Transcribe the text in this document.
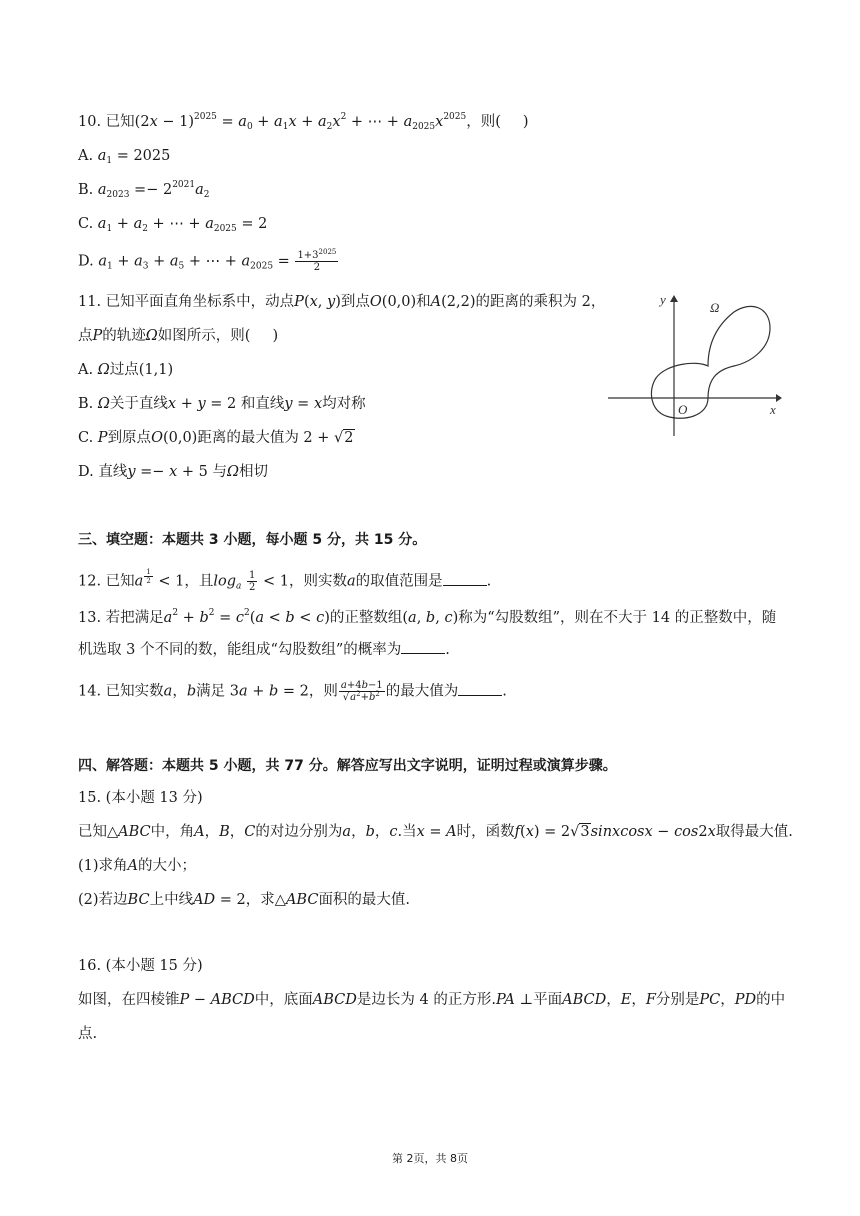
10. 已知$(2x - 1)^{2025} = a_0 + a_1x + a_2x^2$ + ⋯ + $a_{2025}x^{2025}$，则( )
A. $a_1 = 2025$
B. $a_{2023} =- 2^{2021}a_2$
C. $a_1 + a_2$ + ⋯ + $a_{2025} = 2$
D. $a_1 + a_3 + a_5$ + ⋯ + $a_{2025} = \frac{1+3^{2025}}{2}$
11. 已知平面直角坐标系中，动点P(x, y)到点O(0,0)和A(2,2)的距离的乘积为 2，
点P的轨迹Ω如图所示，则( )
A. Ω过点(1,1)
B. Ω关于直线x + y = 2 和直线y = x均对称
C. P到原点O(0,0)距离的最大值为 2 + √2
D. 直线y =− x + 5 与Ω相切
y
x
O
Ω
三、填空题：本题共 3 小题，每小题 5 分，共 15 分。
12. 已知a $^{\frac{1}{2}}$ < 1，且$\log_a \frac{1}{2} < 1$，则实数a的取值范围是	.
13. 若把满足$a^2 + b^2 = c^2(a < b < c)$的正整数组(a, b, c)称为“勾股数组”，则在不大于 14 的正整数中，随
机选取 3 个不同的数，能组成“勾股数组”的概率为	.
14. 已知实数a，b满足 3a + b = 2，则 $\frac{a+4b-1}{√a^2+b^2}$ 的最大值为	.
四、解答题：本题共 5 小题，共 77 分。解答应写出文字说明，证明过程或演算步骤。
15. (本小题 13 分)
已知△ABC中，角A，B，C的对边分别为a，b，c.当x = A时，函数f(x) = 2√3sinxcosx − cos2x取得最大值.
(1)求角A的大小；
(2)若边BC上中线AD = 2，求△ABC面积的最大值.
16. (本小题 15 分)
如图，在四棱锥P − ABCD中，底面ABCD是边长为 4 的正方形.PA ⊥平面ABCD，E，F分别是PC，PD的中
点.
第 2页，共 8页
